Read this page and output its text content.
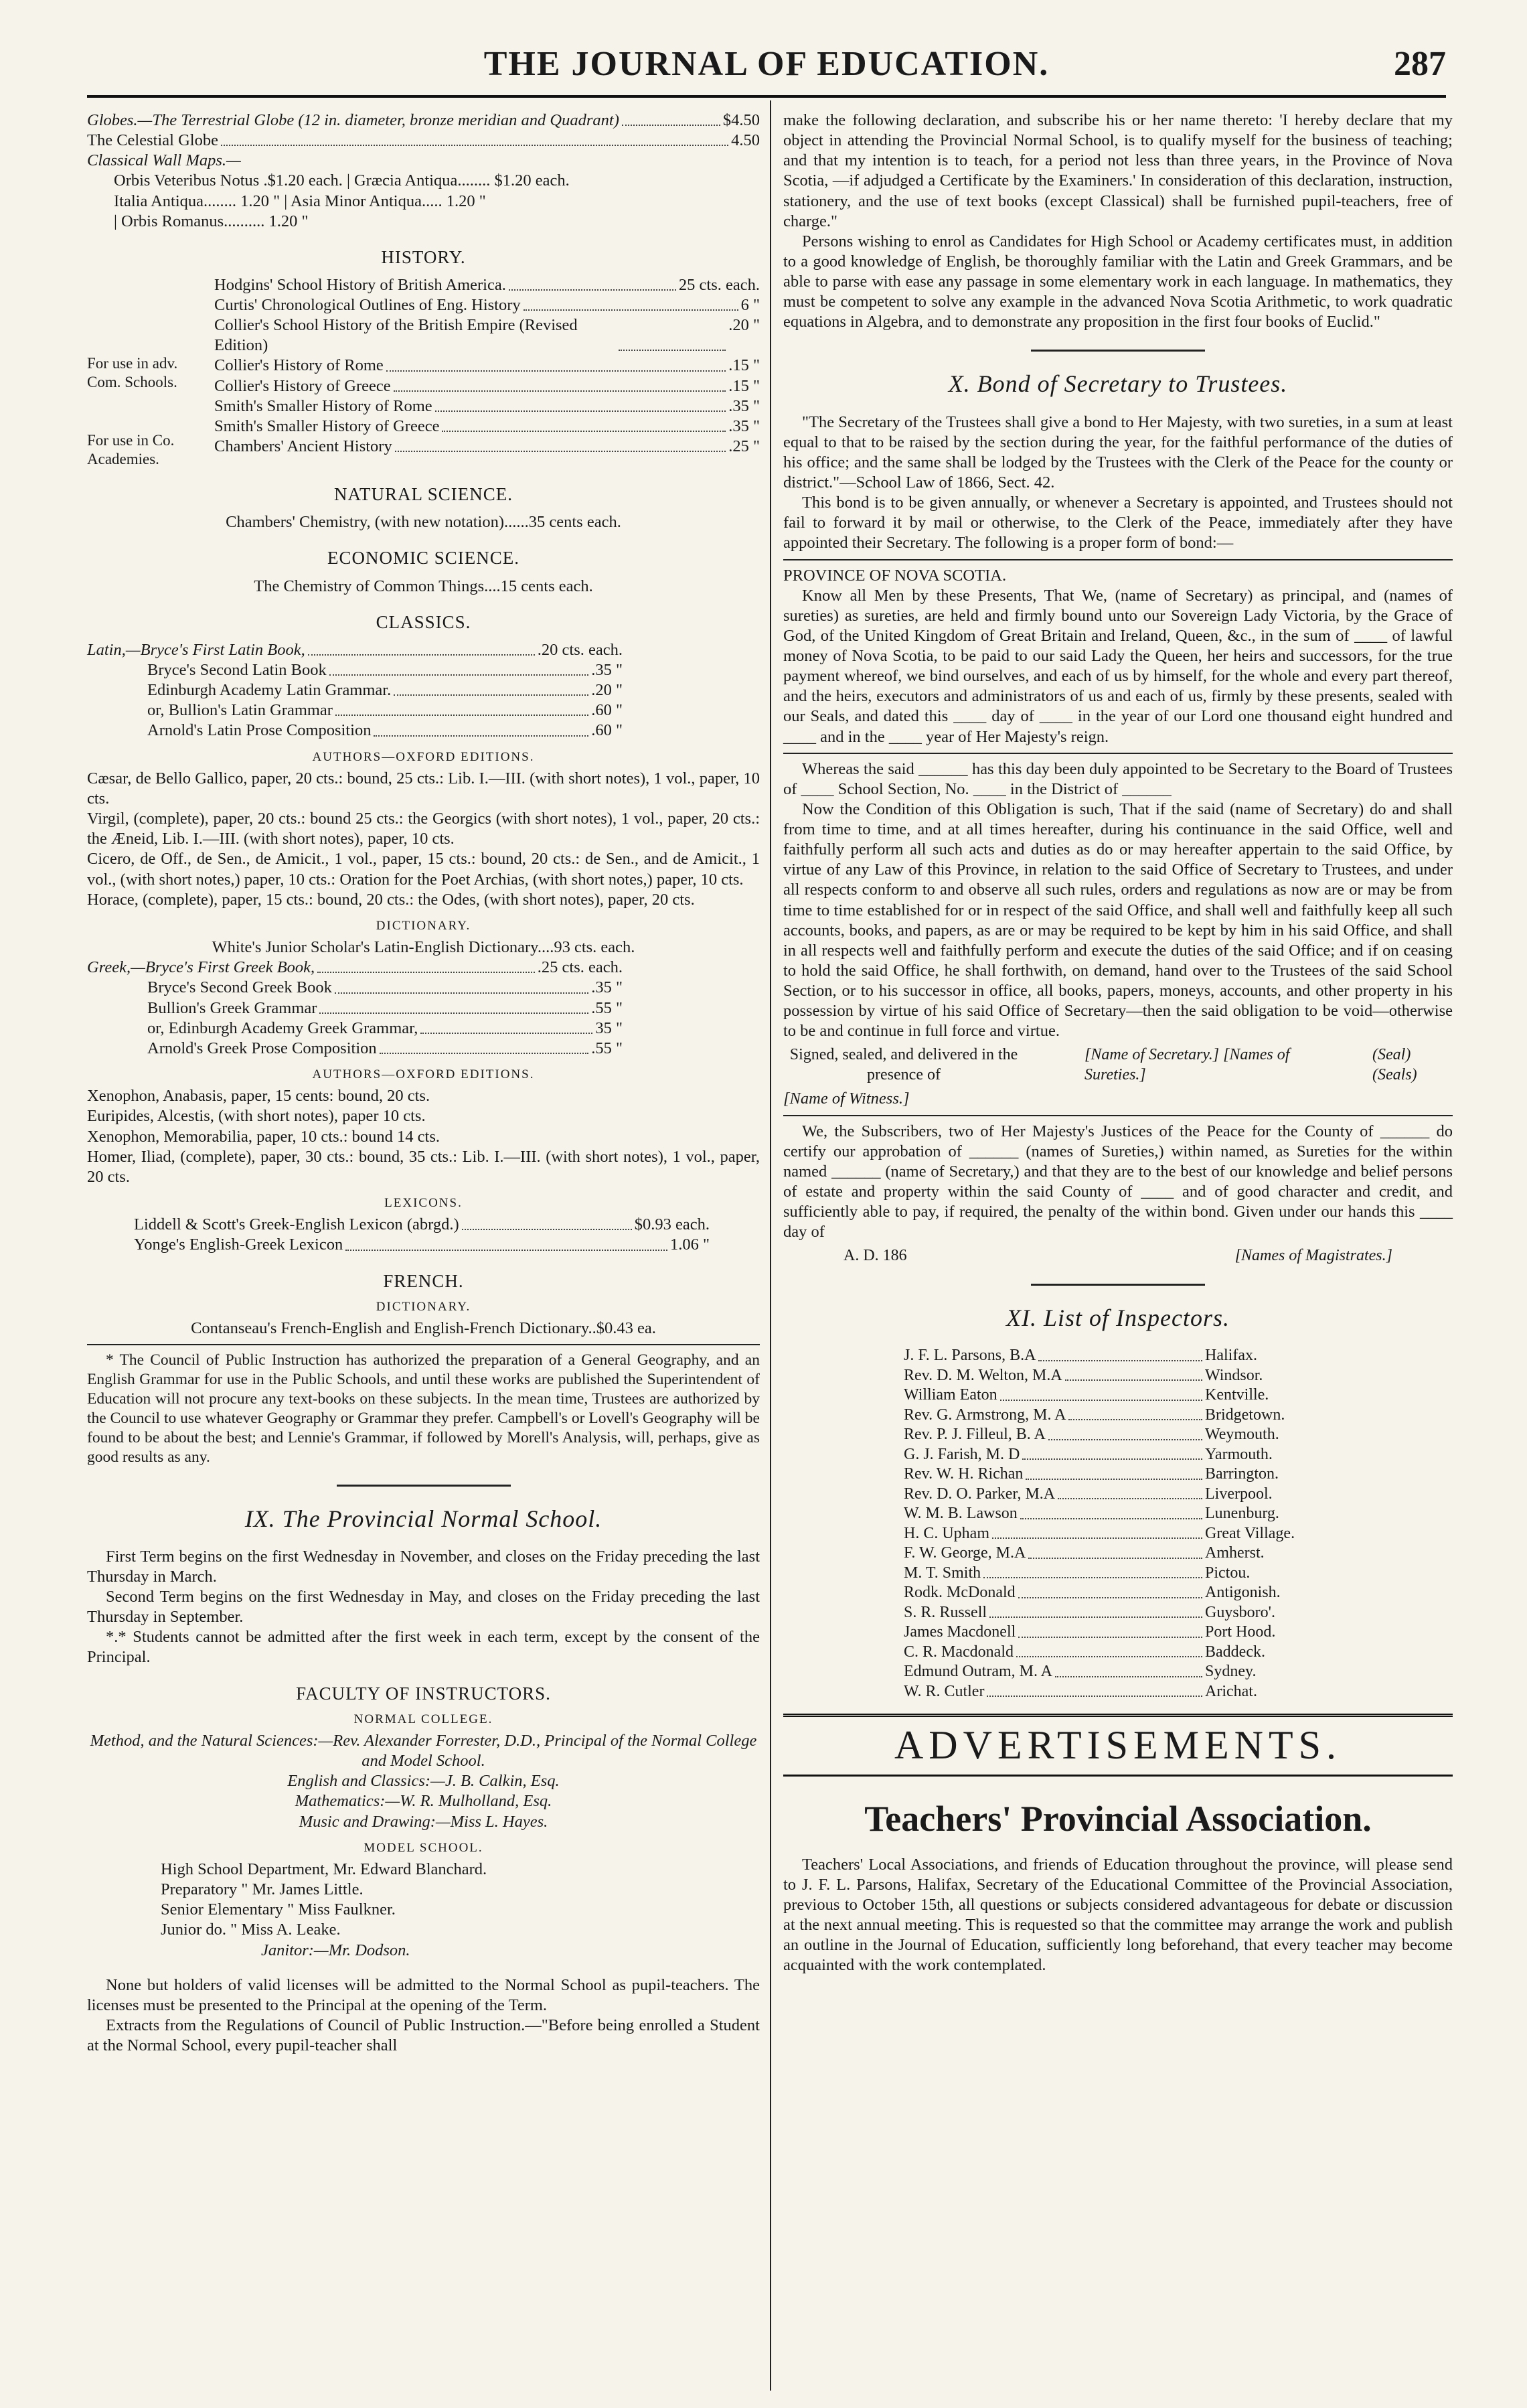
THE JOURNAL OF EDUCATION.	287
Globes.—The Terrestrial Globe (12 in. diameter, bronze meridian and Quadrant)	$4.50
The Celestial Globe	4.50

Classical Wall Maps.—

Orbis Veteribus Notus .$1.20 each. | Græcia Antiqua........ $1.20 each.

Italia Antiqua........ 1.20 " | Asia Minor Antiqua..... 1.20 "

| Orbis Romanus.......... 1.20 "

HISTORY.

For use in adv. Com. Schools.

For use in Co. Academies.

Hodgins' School History of British America.	25 cts. each.
Curtis' Chronological Outlines of Eng. History	6 "
Collier's School History of the British Empire (Revised Edition)
.20 "
Collier's History of Rome	.15 "
Collier's History of Greece	.15 "
Smith's Smaller History of Rome	.35 "
Smith's Smaller History of Greece	.35 "
Chambers' Ancient History	.25 "
NATURAL SCIENCE.

Chambers' Chemistry, (with new notation)......35 cents each.

ECONOMIC SCIENCE.

The Chemistry of Common Things....15 cents each.

CLASSICS.
Latin,—Bryce's First Latin Book,	.20 cts. each.
Bryce's Second Latin Book	.35 "
Edinburgh Academy Latin Grammar.	.20 "
or, Bullion's Latin Grammar	.60 "
Arnold's Latin Prose Composition	.60 "
AUTHORS—OXFORD EDITIONS.

Cæsar, de Bello Gallico, paper, 20 cts.: bound, 25 cts.: Lib. I.—III. (with short notes), 1 vol., paper, 10 cts.

Virgil, (complete), paper, 20 cts.: bound 25 cts.: the Georgics (with short notes), 1 vol., paper, 20 cts.: the Æneid, Lib. I.—III. (with short notes), paper, 10 cts.

Cicero, de Off., de Sen., de Amicit., 1 vol., paper, 15 cts.: bound, 20 cts.: de Sen., and de Amicit., 1 vol., (with short notes,) paper, 10 cts.: Oration for the Poet Archias, (with short notes,) paper, 10 cts.

Horace, (complete), paper, 15 cts.: bound, 20 cts.: the Odes, (with short notes), paper, 20 cts.

DICTIONARY.

White's Junior Scholar's Latin-English Dictionary....93 cts. each.

Greek,—Bryce's First Greek Book,	.25 cts. each.
Bryce's Second Greek Book	.35 "
Bullion's Greek Grammar	.55 "
or, Edinburgh Academy Greek Grammar,	35 "
Arnold's Greek Prose Composition	.55 "
AUTHORS—OXFORD EDITIONS.

Xenophon, Anabasis, paper, 15 cents: bound, 20 cts.

Euripides, Alcestis, (with short notes), paper 10 cts.

Xenophon, Memorabilia, paper, 10 cts.: bound 14 cts.

Homer, Iliad, (complete), paper, 30 cts.: bound, 35 cts.: Lib. I.—III. (with short notes), 1 vol., paper, 20 cts.

LEXICONS.
Liddell & Scott's Greek-English Lexicon (abrgd.)	$0.93 each.
Yonge's English-Greek Lexicon	1.06 "
FRENCH.
DICTIONARY.

Contanseau's French-English and English-French Dictionary..$0.43 ea.

* The Council of Public Instruction has authorized the preparation of a General Geography, and an English Grammar for use in the Public Schools, and until these works are published the Superintendent of Education will not procure any text-books on these subjects. In the mean time, Trustees are authorized by the Council to use whatever Geography or Grammar they prefer. Campbell's or Lovell's Geography will be found to be about the best; and Lennie's Grammar, if followed by Morell's Analysis, will, perhaps, give as good results as any.

IX. The Provincial Normal School.

First Term begins on the first Wednesday in November, and closes on the Friday preceding the last Thursday in March.

Second Term begins on the first Wednesday in May, and closes on the Friday preceding the last Thursday in September.

*.* Students cannot be admitted after the first week in each term, except by the consent of the Principal.

FACULTY OF INSTRUCTORS.
NORMAL COLLEGE.

Method, and the Natural Sciences:—Rev. Alexander Forrester, D.D., Principal of the Normal College and Model School.

English and Classics:—J. B. Calkin, Esq.

Mathematics:—W. R. Mulholland, Esq.

Music and Drawing:—Miss L. Hayes.

MODEL SCHOOL.

High School Department, Mr. Edward Blanchard.

Preparatory " Mr. James Little.

Senior Elementary " Miss Faulkner.

Junior do. " Miss A. Leake.

Janitor:—Mr. Dodson.

None but holders of valid licenses will be admitted to the Normal School as pupil-teachers. The licenses must be presented to the Principal at the opening of the Term.

Extracts from the Regulations of Council of Public Instruction.—"Before being enrolled a Student at the Normal School, every pupil-teacher shall

make the following declaration, and subscribe his or her name thereto: 'I hereby declare that my object in attending the Provincial Normal School, is to qualify myself for the business of teaching; and that my intention is to teach, for a period not less than three years, in the Province of Nova Scotia, —if adjudged a Certificate by the Examiners.' In consideration of this declaration, instruction, stationery, and the use of text books (except Classical) shall be furnished pupil-teachers, free of charge."

Persons wishing to enrol as Candidates for High School or Academy certificates must, in addition to a good knowledge of English, be thoroughly familiar with the Latin and Greek Grammars, and be able to parse with ease any passage in some elementary work in each language. In mathematics, they must be competent to solve any example in the advanced Nova Scotia Arithmetic, to work quadratic equations in Algebra, and to demonstrate any proposition in the first four books of Euclid."

X. Bond of Secretary to Trustees.

"The Secretary of the Trustees shall give a bond to Her Majesty, with two sureties, in a sum at least equal to that to be raised by the section during the year, for the faithful performance of the duties of his office; and the same shall be lodged by the Trustees with the Clerk of the Peace for the county or district."—School Law of 1866, Sect. 42.

This bond is to be given annually, or whenever a Secretary is appointed, and Trustees should not fail to forward it by mail or otherwise, to the Clerk of the Peace, immediately after they have appointed their Secretary. The following is a proper form of bond:—

PROVINCE OF NOVA SCOTIA.

Know all Men by these Presents, That We, (name of Secretary) as principal, and (names of sureties) as sureties, are held and firmly bound unto our Sovereign Lady Victoria, by the Grace of God, of the United Kingdom of Great Britain and Ireland, Queen, &c., in the sum of ____ of lawful money of Nova Scotia, to be paid to our said Lady the Queen, her heirs and successors, for the true payment whereof, we bind ourselves, and each of us by himself, for the whole and every part thereof, and the heirs, executors and administrators of us and each of us, firmly by these presents, sealed with our Seals, and dated this ____ day of ____ in the year of our Lord one thousand eight hundred and ____ and in the ____ year of Her Majesty's reign.

Whereas the said ______ has this day been duly appointed to be Secretary to the Board of Trustees of ____ School Section, No. ____ in the District of ______

Now the Condition of this Obligation is such, That if the said (name of Secretary) do and shall from time to time, and at all times hereafter, during his continuance in the said Office, well and faithfully perform all such acts and duties as do or may hereafter appertain to the said Office, by virtue of any Law of this Province, in relation to the said Office of Secretary to Trustees, and under all respects conform to and observe all such rules, orders and regulations as now are or may be from time to time established for or in respect of the said Office, and shall well and faithfully keep all such accounts, books, and papers, as are or may be required to be kept by him in his said Office, and shall in all respects well and faithfully perform and execute the duties of the said Office; and if on ceasing to hold the said Office, he shall forthwith, on demand, hand over to the Trustees of the said School Section, or to his successor in office, all books, papers, moneys, accounts, and other property in his possession by virtue of his said Office of Secretary—then the said obligation to be void—otherwise to be and continue in full force and virtue.

Signed, sealed, and delivered in the presence of
[Name of Secretary.] [Names of Sureties.]
(Seal) (Seals)

[Name of Witness.]

We, the Subscribers, two of Her Majesty's Justices of the Peace for the County of ______ do certify our approbation of ______ (names of Sureties,) within named, as Sureties for the within named ______ (name of Secretary,) and that they are to the best of our knowledge and belief persons of estate and property within the said County of ____ and of good character and credit, and sufficiently able to pay, if required, the penalty of the within bond. Given under our hands this ____ day of

A. D. 186	[Names of Magistrates.]
XI. List of Inspectors.
J. F. L. Parsons, B.A	Halifax.
Rev. D. M. Welton, M.A	Windsor.
William Eaton	Kentville.
Rev. G. Armstrong, M. A	Bridgetown.
Rev. P. J. Filleul, B. A	Weymouth.
G. J. Farish, M. D	Yarmouth.
Rev. W. H. Richan	Barrington.
Rev. D. O. Parker, M.A	Liverpool.
W. M. B. Lawson	Lunenburg.
H. C. Upham	Great Village.
F. W. George, M.A	Amherst.
M. T. Smith	Pictou.
Rodk. McDonald	Antigonish.
S. R. Russell	Guysboro'.
James Macdonell	Port Hood.
C. R. Macdonald	Baddeck.
Edmund Outram, M. A	Sydney.
W. R. Cutler	Arichat.
ADVERTISEMENTS.
Teachers' Provincial Association.

Teachers' Local Associations, and friends of Education throughout the province, will please send to J. F. L. Parsons, Halifax, Secretary of the Educational Committee of the Provincial Association, previous to October 15th, all questions or subjects considered advantageous for debate or discussion at the next annual meeting. This is requested so that the committee may arrange the work and publish an outline in the Journal of Education, sufficiently long beforehand, that every teacher may become acquainted with the work contemplated.
